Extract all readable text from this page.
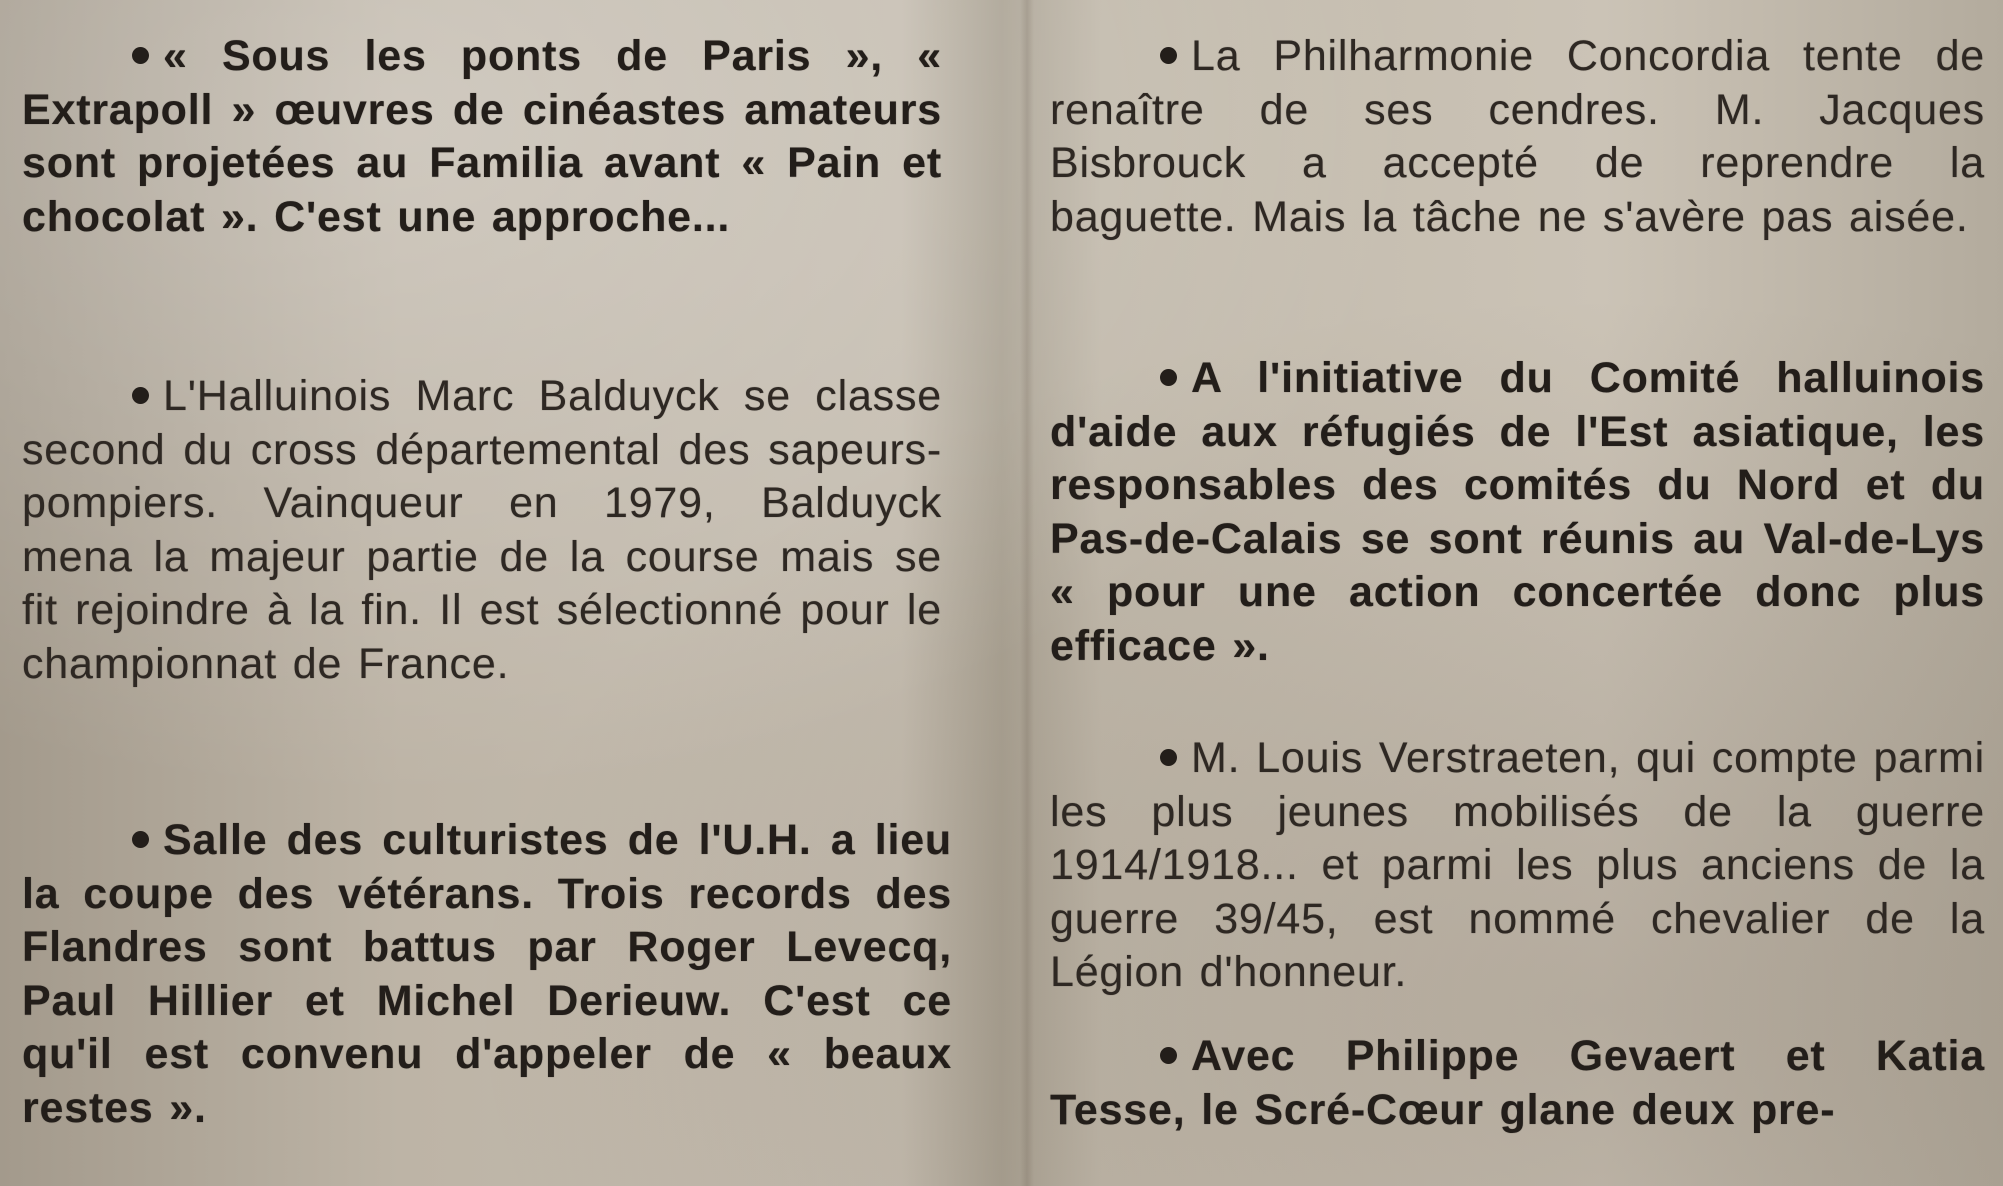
« Sous les ponts de Paris », « Extrapoll » œuvres de cinéastes amateurs sont projetées au Familia avant « Pain et chocolat ». C'est une approche...

L'Halluinois Marc Balduyck se classe second du cross départemental des sapeurs-pompiers. Vainqueur en 1979, Balduyck mena la majeur partie de la course mais se fit rejoindre à la fin. Il est sélectionné pour le championnat de France.

Salle des culturistes de l'U.H. a lieu la coupe des vétérans. Trois records des Flandres sont battus par Roger Levecq, Paul Hillier et Michel Derieuw. C'est ce qu'il est convenu d'appeler de « beaux restes ».

La Philharmonie Concordia tente de renaître de ses cendres. M. Jacques Bisbrouck a accepté de reprendre la baguette. Mais la tâche ne s'avère pas aisée.

A l'initiative du Comité halluinois d'aide aux réfugiés de l'Est asiatique, les responsables des comités du Nord et du Pas-de-Calais se sont réunis au Val-de-Lys « pour une action concertée donc plus efficace ».

M. Louis Verstraeten, qui compte parmi les plus jeunes mobilisés de la guerre 1914/1918... et parmi les plus anciens de la guerre 39/45, est nommé chevalier de la Légion d'honneur.

Avec Philippe Gevaert et Katia Tesse, le Scré-Cœur glane deux pre-
